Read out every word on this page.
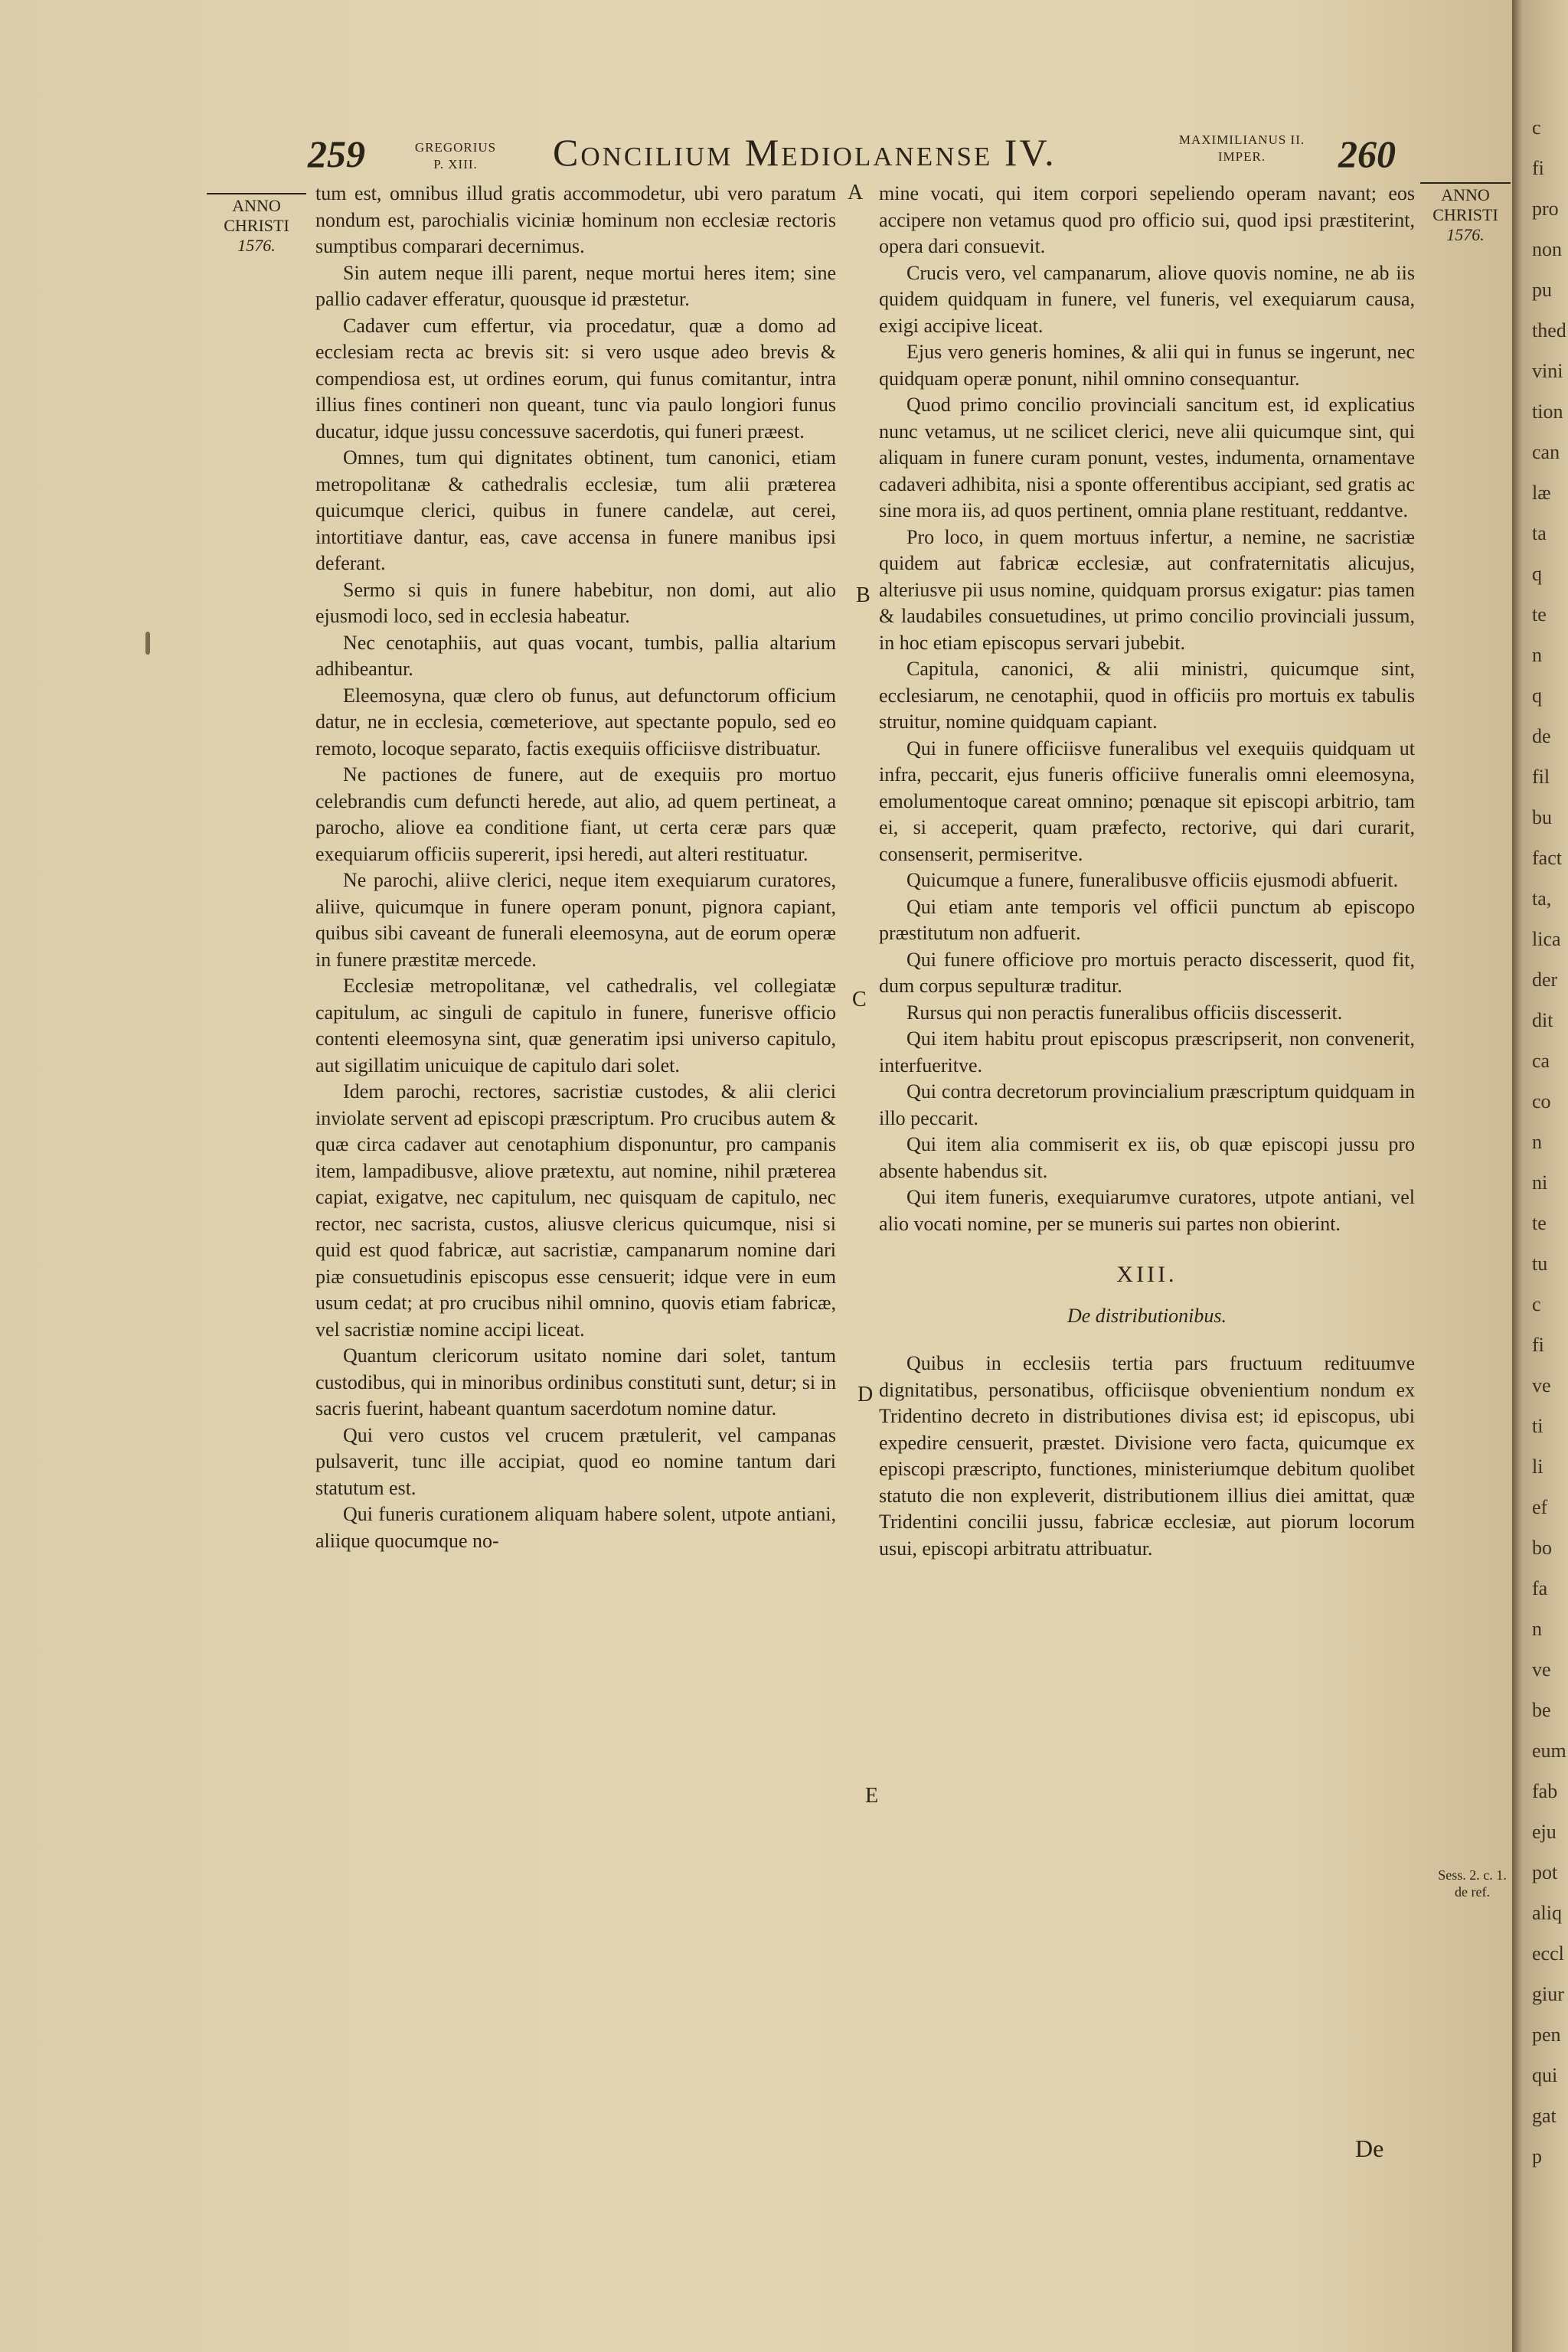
259	GREGORIUS
P. XIII.	Concilium Mediolanense IV.	MAXIMILIANUS II.
IMPER.	260
ANNO
CHRISTI
1576.
ANNO
CHRISTI
1576.
Sess. 2. c. 1.
de ref.
A
B
C
D
E

tum est, omnibus illud gratis accommodetur, ubi vero paratum nondum est, parochialis viciniæ hominum non ecclesiæ rectoris sumptibus comparari decernimus.

Sin autem neque illi parent, neque mortui heres item; sine pallio cadaver efferatur, quousque id præstetur.

Cadaver cum effertur, via procedatur, quæ a domo ad ecclesiam recta ac brevis sit: si vero usque adeo brevis & compendiosa est, ut ordines eorum, qui funus comitantur, intra illius fines contineri non queant, tunc via paulo longiori funus ducatur, idque jussu concessuve sacerdotis, qui funeri præest.

Omnes, tum qui dignitates obtinent, tum canonici, etiam metropolitanæ & cathedralis ecclesiæ, tum alii præterea quicumque clerici, quibus in funere candelæ, aut cerei, intortitiave dantur, eas, cave accensa in funere manibus ipsi deferant.

Sermo si quis in funere habebitur, non domi, aut alio ejusmodi loco, sed in ecclesia habeatur.

Nec cenotaphiis, aut quas vocant, tumbis, pallia altarium adhibeantur.

Eleemosyna, quæ clero ob funus, aut defunctorum officium datur, ne in ecclesia, cœmeteriove, aut spectante populo, sed eo remoto, locoque separato, factis exequiis officiisve distribuatur.

Ne pactiones de funere, aut de exequiis pro mortuo celebrandis cum defuncti herede, aut alio, ad quem pertineat, a parocho, aliove ea conditione fiant, ut certa ceræ pars quæ exequiarum officiis supererit, ipsi heredi, aut alteri restituatur.

Ne parochi, aliive clerici, neque item exequiarum curatores, aliive, quicumque in funere operam ponunt, pignora capiant, quibus sibi caveant de funerali eleemosyna, aut de eorum operæ in funere præstitæ mercede.

Ecclesiæ metropolitanæ, vel cathedralis, vel collegiatæ capitulum, ac singuli de capitulo in funere, funerisve officio contenti eleemosyna sint, quæ generatim ipsi universo capitulo, aut sigillatim unicuique de capitulo dari solet.

Idem parochi, rectores, sacristiæ custodes, & alii clerici inviolate servent ad episcopi præscriptum. Pro crucibus autem & quæ circa cadaver aut cenotaphium disponuntur, pro campanis item, lampadibusve, aliove prætextu, aut nomine, nihil præterea capiat, exigatve, nec capitulum, nec quisquam de capitulo, nec rector, nec sacrista, custos, aliusve clericus quicumque, nisi si quid est quod fabricæ, aut sacristiæ, campanarum nomine dari piæ consuetudinis episcopus esse censuerit; idque vere in eum usum cedat; at pro crucibus nihil omnino, quovis etiam fabricæ, vel sacristiæ nomine accipi liceat.

Quantum clericorum usitato nomine dari solet, tantum custodibus, qui in minoribus ordinibus constituti sunt, detur; si in sacris fuerint, habeant quantum sacerdotum nomine datur.

Qui vero custos vel crucem prætulerit, vel campanas pulsaverit, tunc ille accipiat, quod eo nomine tantum dari statutum est.

Qui funeris curationem aliquam habere solent, utpote antiani, aliique quocumque no-

mine vocati, qui item corpori sepeliendo operam navant; eos accipere non vetamus quod pro officio sui, quod ipsi præstiterint, opera dari consuevit.

Crucis vero, vel campanarum, aliove quovis nomine, ne ab iis quidem quidquam in funere, vel funeris, vel exequiarum causa, exigi accipive liceat.

Ejus vero generis homines, & alii qui in funus se ingerunt, nec quidquam operæ ponunt, nihil omnino consequantur.

Quod primo concilio provinciali sancitum est, id explicatius nunc vetamus, ut ne scilicet clerici, neve alii quicumque sint, qui aliquam in funere curam ponunt, vestes, indumenta, ornamentave cadaveri adhibita, nisi a sponte offerentibus accipiant, sed gratis ac sine mora iis, ad quos pertinent, omnia plane restituant, reddantve.

Pro loco, in quem mortuus infertur, a nemine, ne sacristiæ quidem aut fabricæ ecclesiæ, aut confraternitatis alicujus, alteriusve pii usus nomine, quidquam prorsus exigatur: pias tamen & laudabiles consuetudines, ut primo concilio provinciali jussum, in hoc etiam episcopus servari jubebit.

Capitula, canonici, & alii ministri, quicumque sint, ecclesiarum, ne cenotaphii, quod in officiis pro mortuis ex tabulis struitur, nomine quidquam capiant.

Qui in funere officiisve funeralibus vel exequiis quidquam ut infra, peccarit, ejus funeris officiive funeralis omni eleemosyna, emolumentoque careat omnino; pœnaque sit episcopi arbitrio, tam ei, si acceperit, quam præfecto, rectorive, qui dari curarit, consenserit, permiseritve.

Quicumque a funere, funeralibusve officiis ejusmodi abfuerit.

Qui etiam ante temporis vel officii punctum ab episcopo præstitutum non adfuerit.

Qui funere officiove pro mortuis peracto discesserit, quod fit, dum corpus sepulturæ traditur.

Rursus qui non peractis funeralibus officiis discesserit.

Qui item habitu prout episcopus præscripserit, non convenerit, interfueritve.

Qui contra decretorum provincialium præscriptum quidquam in illo peccarit.

Qui item alia commiserit ex iis, ob quæ episcopi jussu pro absente habendus sit.

Qui item funeris, exequiarumve curatores, utpote antiani, vel alio vocati nomine, per se muneris sui partes non obierint.

XIII.
De distributionibus.

Quibus in ecclesiis tertia pars fructuum redituumve dignitatibus, personatibus, officiisque obvenientium nondum ex Tridentino decreto in distributiones divisa est; id episcopus, ubi expedire censuerit, præstet. Divisione vero facta, quicumque ex episcopi præscripto, functiones, ministeriumque debitum quolibet statuto die non expleverit, distributionem illius diei amittat, quæ Tridentini concilii jussu, fabricæ ecclesiæ, aut piorum locorum usui, episcopi arbitratu attribuatur.

De
c
fi
pro
non
pu
thed
vini
tion
can
læ
ta
q
te
n
q
de
fil
bu
fact
ta,
lica
der
dit
ca
co
n
ni
te
tu
c
fi
ve
ti
li
ef
bo
fa
n
ve
be
eum
fab
eju
pot
aliq
eccl
giur
pen
qui
gat
p
